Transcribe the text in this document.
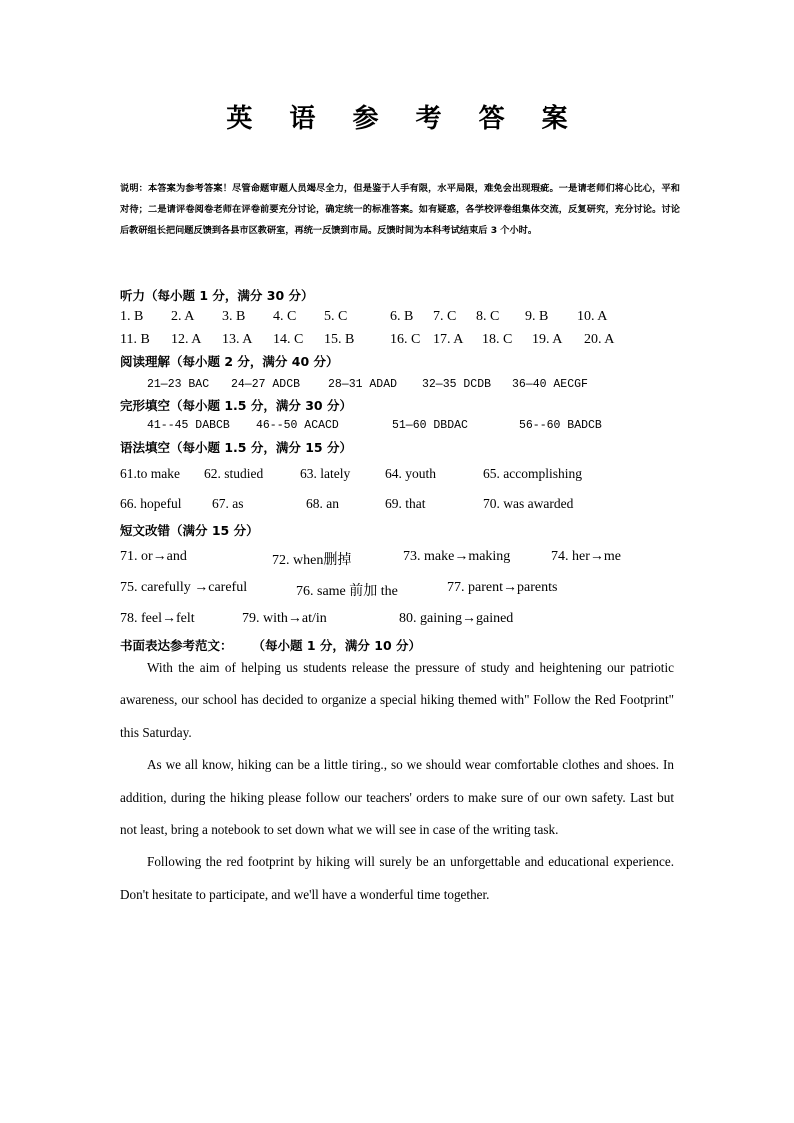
英 语 参 考 答 案
说明：本答案为参考答案！尽管命题审题人员竭尽全力，但是鉴于人手有限，水平局限，难免会出现瑕疵。一是请老师们将心比心，平和对待；二是请评卷阅卷老师在评卷前要充分讨论，确定统一的标准答案。如有疑惑，各学校评卷组集体交流，反复研究，充分讨论。讨论后教研组长把问题反馈到各县市区教研室，再统一反馈到市局。反馈时间为本科考试结束后 3 个小时。
听力（每小题 1 分，满分 30 分）
1. B 2. A 3. B 4. C 5. C	6. B 7. C 8. C 9. B 10. A
11. B 12. A 13. A 14. C 15. B	16. C 17. A 18. C 19. A 20. A
阅读理解（每小题 2 分，满分 40 分）
21—23 BAC 24—27 ADCB 28—31 ADAD 32—35 DCDB 36—40 AECGF
完形填空（每小题 1.5 分，满分 30 分）
41--45 DABCB 46--50 ACACD	51—60 DBDAC	56--60 BADCB
语法填空（每小题 1.5 分，满分 15 分）
61.to make 62. studied	63. lately	64. youth	65. accomplishing
66. hopeful 67. as	68. an	69. that	70. was awarded
短文改错（满分 15 分）
71. or→and	72. when删掉	73. make→making	74. her→me
75. carefully →careful	76. same 前加 the	77. parent→parents
78. feel→felt	79. with→at/in	80. gaining→gained
书面表达参考范文： （每小题 1 分，满分 10 分）

With the aim of helping us students release the pressure of study and heightening our patriotic awareness, our school has decided to organize a special hiking themed with" Follow the Red Footprint" this Saturday.

As we all know, hiking can be a little tiring., so we should wear comfortable clothes and shoes. In addition, during the hiking please follow our teachers' orders to make sure of our own safety. Last but not least, bring a notebook to set down what we will see in case of the writing task.

Following the red footprint by hiking will surely be an unforgettable and educational experience. Don't hesitate to participate, and we'll have a wonderful time together.
